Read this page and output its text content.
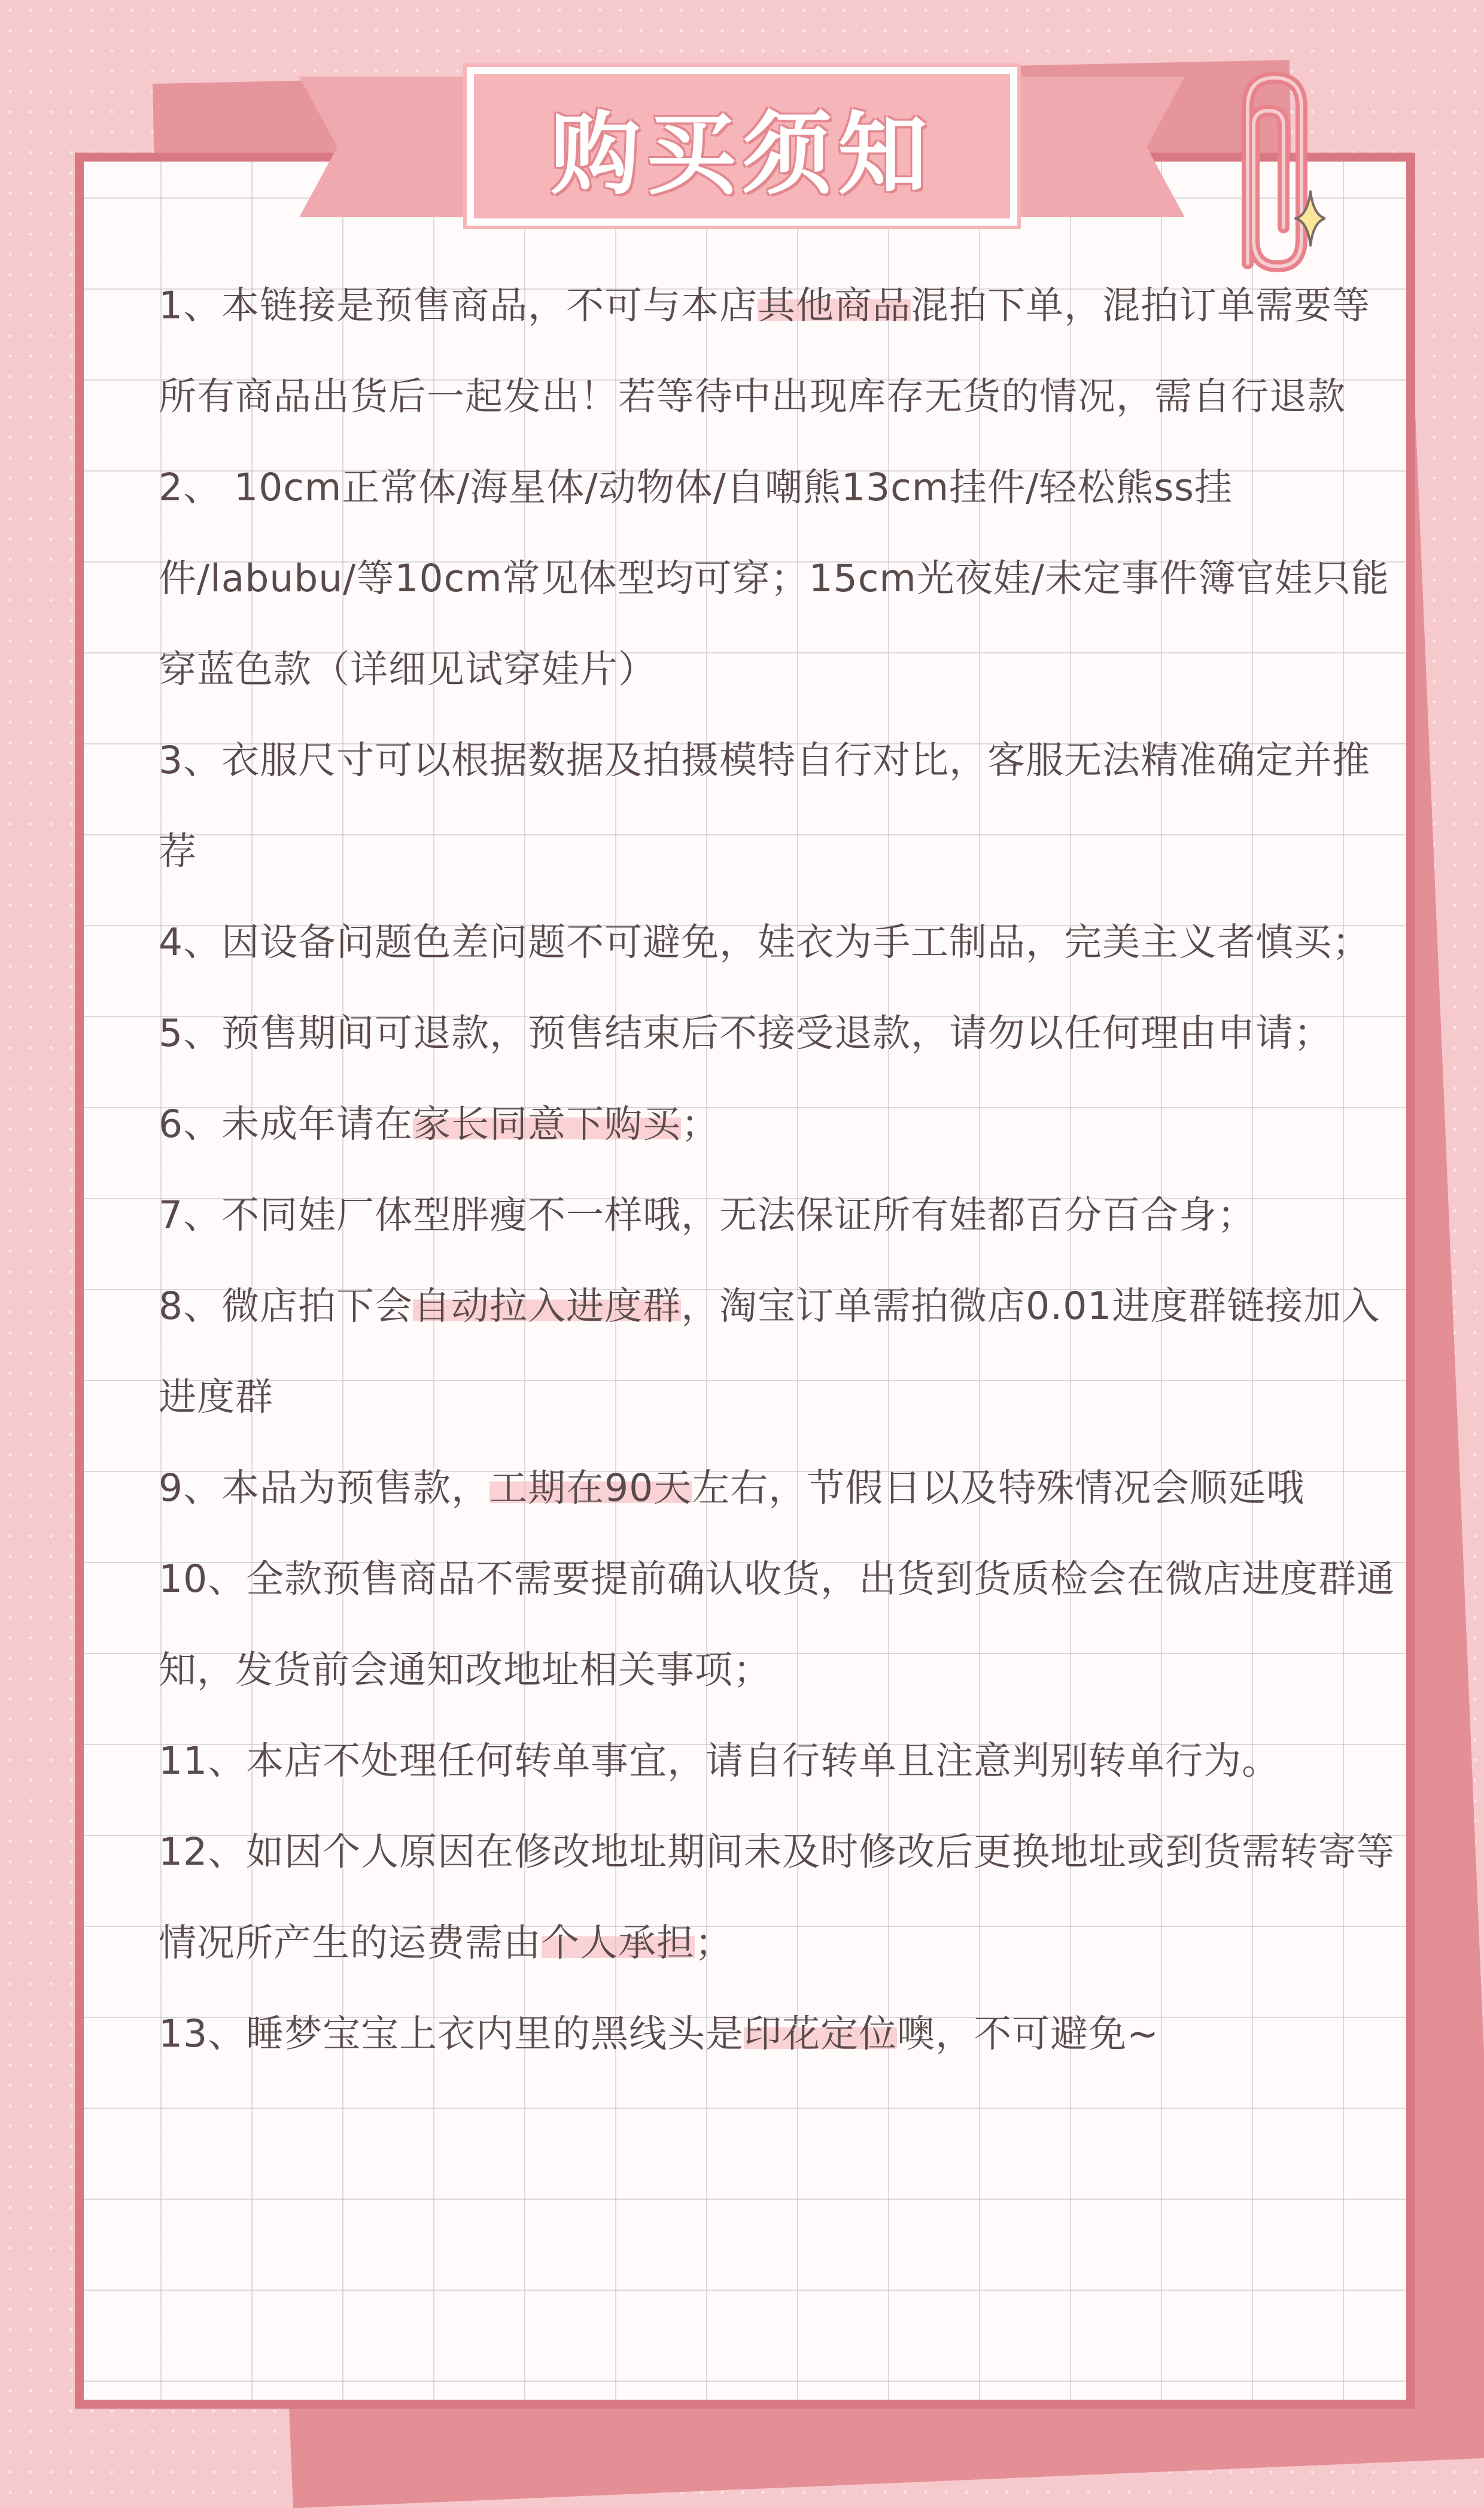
购买须知
1、本链接是预售商品，不可与本店其他商品混拍下单，混拍订单需要等所有商品出货后一起发出！若等待中出现库存无货的情况，需自行退款
2、 10cm正常体/海星体/动物体/自嘲熊13cm挂件/轻松熊ss挂件/labubu/等10cm常见体型均可穿；15cm光夜娃/未定事件簿官娃只能穿蓝色款（详细见试穿娃片）
3、衣服尺寸可以根据数据及拍摄模特自行对比，客服无法精准确定并推荐
4、因设备问题色差问题不可避免，娃衣为手工制品，完美主义者慎买；
5、预售期间可退款，预售结束后不接受退款，请勿以任何理由申请；
6、未成年请在家长同意下购买；
7、不同娃厂体型胖瘦不一样哦，无法保证所有娃都百分百合身；
8、微店拍下会自动拉入进度群，淘宝订单需拍微店0.01进度群链接加入进度群
9、本品为预售款，工期在90天左右，节假日以及特殊情况会顺延哦
10、全款预售商品不需要提前确认收货，出货到货质检会在微店进度群通知，发货前会通知改地址相关事项；
11、本店不处理任何转单事宜，请自行转单且注意判别转单行为。
12、如因个人原因在修改地址期间未及时修改后更换地址或到货需转寄等情况所产生的运费需由个人承担；
13、睡梦宝宝上衣内里的黑线头是印花定位噢，不可避免~
